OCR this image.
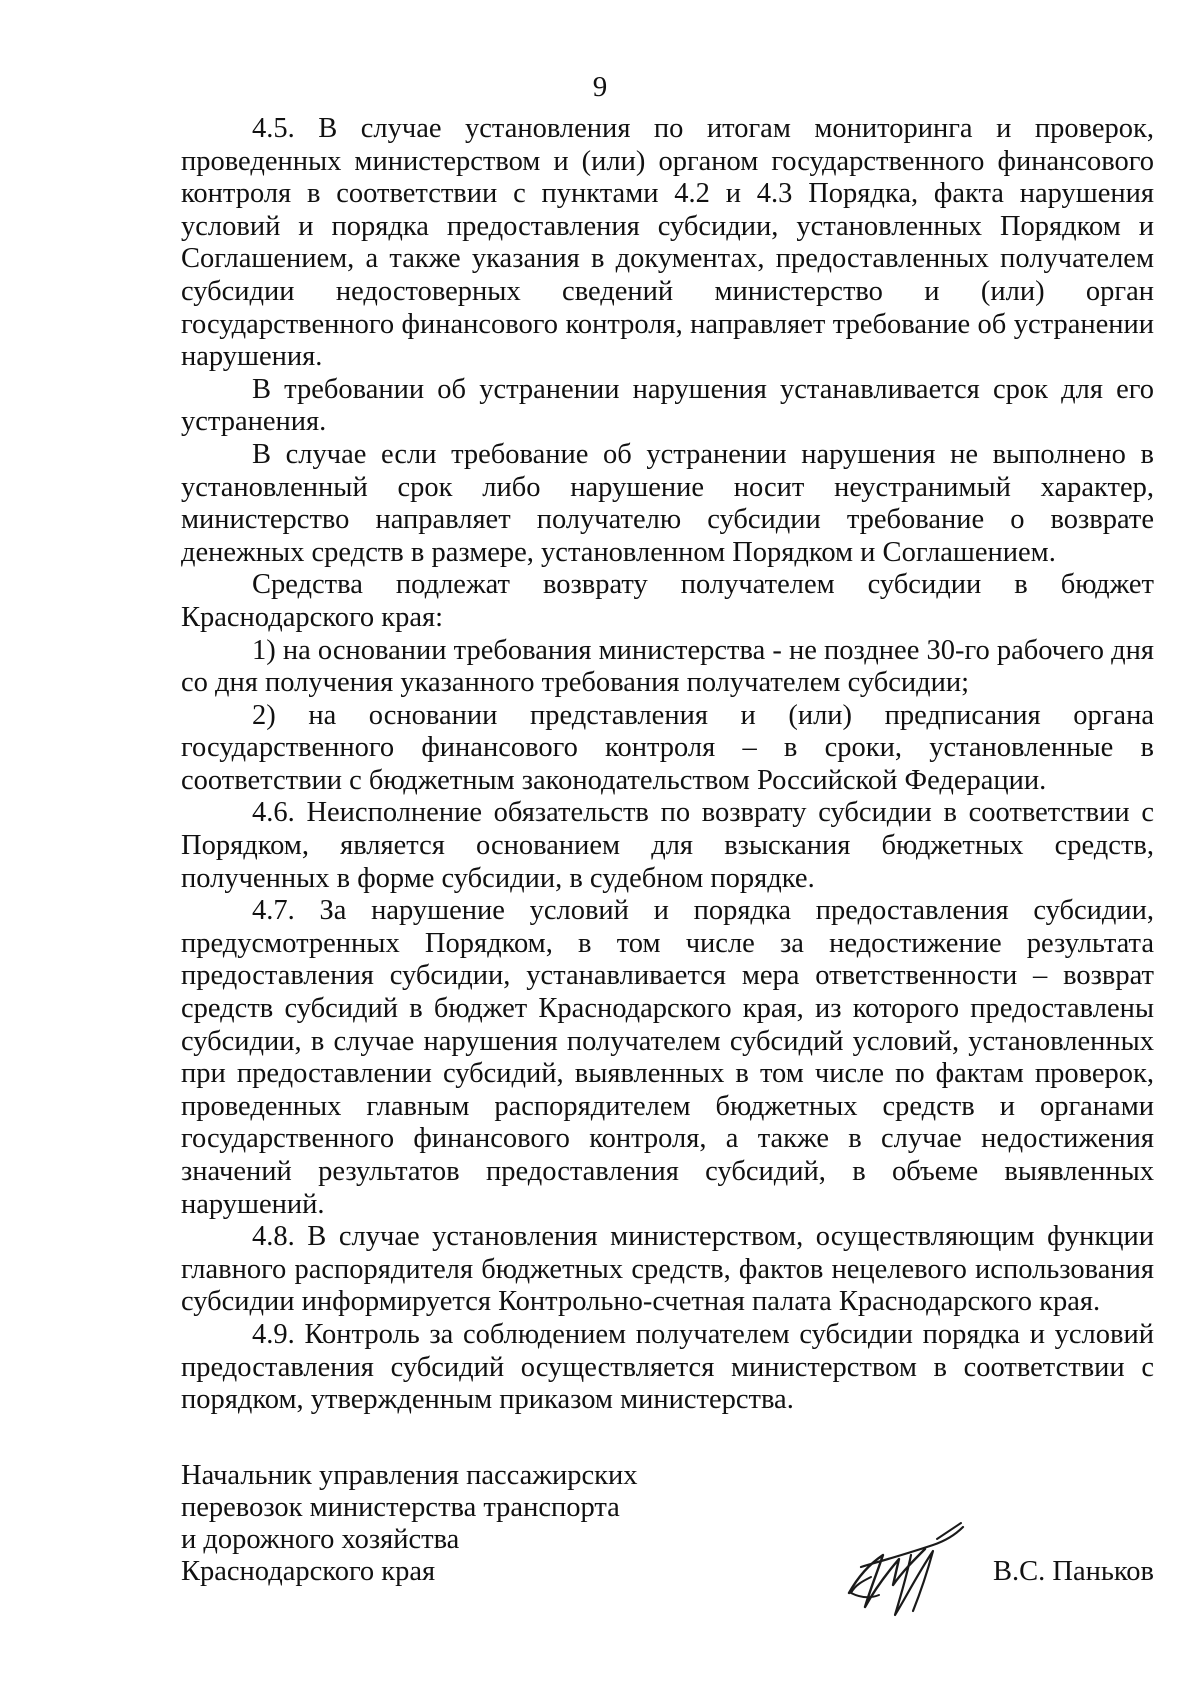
9

4.5. В случае установления по итогам мониторинга и проверок, проведенных министерством и (или) органом государственного финансового контроля в соответствии с пунктами 4.2 и 4.3 Порядка, факта нарушения условий и порядка предоставления субсидии, установленных Порядком и Соглашением, а также указания в документах, предоставленных получателем субсидии недостоверных сведений министерство и (или) орган государственного финансового контроля, направляет требование об устранении нарушения.

В требовании об устранении нарушения устанавливается срок для его устранения.

В случае если требование об устранении нарушения не выполнено в установленный срок либо нарушение носит неустранимый характер, министерство направляет получателю субсидии требование о возврате денежных средств в размере, установленном Порядком и Соглашением.

Средства подлежат возврату получателем субсидии в бюджет Краснодарского края:

1) на основании требования министерства - не позднее 30-го рабочего дня со дня получения указанного требования получателем субсидии;

2) на основании представления и (или) предписания органа государственного финансового контроля – в сроки, установленные в соответствии с бюджетным законодательством Российской Федерации.

4.6. Неисполнение обязательств по возврату субсидии в соответствии с Порядком, является основанием для взыскания бюджетных средств, полученных в форме субсидии, в судебном порядке.

4.7. За нарушение условий и порядка предоставления субсидии, предусмотренных Порядком, в том числе за недостижение результата предоставления субсидии, устанавливается мера ответственности – возврат средств субсидий в бюджет Краснодарского края, из которого предоставлены субсидии, в случае нарушения получателем субсидий условий, установленных при предоставлении субсидий, выявленных в том числе по фактам проверок, проведенных главным распорядителем бюджетных средств и органами государственного финансового контроля, а также в случае недостижения значений результатов предоставления субсидий, в объеме выявленных нарушений.

4.8. В случае установления министерством, осуществляющим функции главного распорядителя бюджетных средств, фактов нецелевого использования субсидии информируется Контрольно-счетная палата Краснодарского края.

4.9. Контроль за соблюдением получателем субсидии порядка и условий предоставления субсидий осуществляется министерством в соответствии с порядком, утвержденным приказом министерства.

Начальник управления пассажирских
перевозок министерства транспорта
и дорожного хозяйства
Краснодарского края	В.С. Паньков
